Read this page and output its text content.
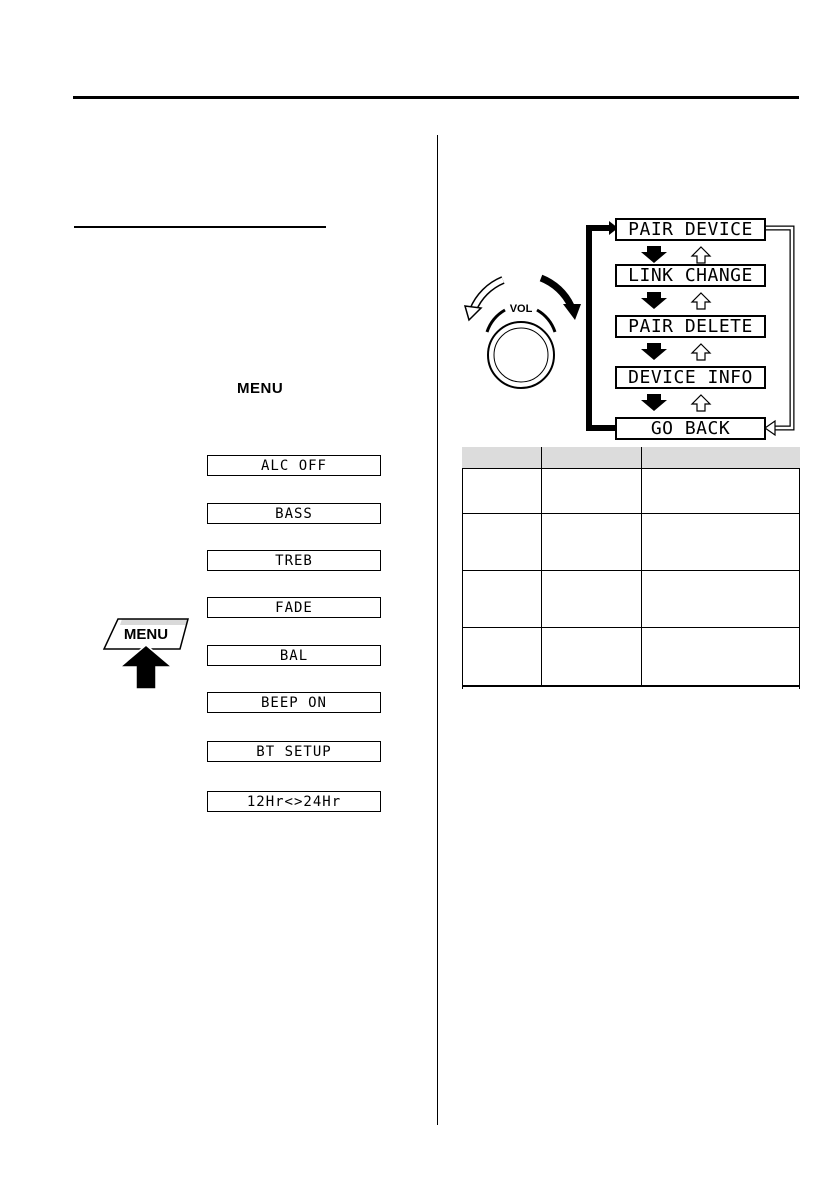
MENU
ALC OFF
BASS
TREB
FADE
BAL
BEEP ON
BT SETUP
12Hr<>24Hr
MENU
VOL
PAIR DEVICE
LINK CHANGE
PAIR DELETE
DEVICE INFO
GO BACK
